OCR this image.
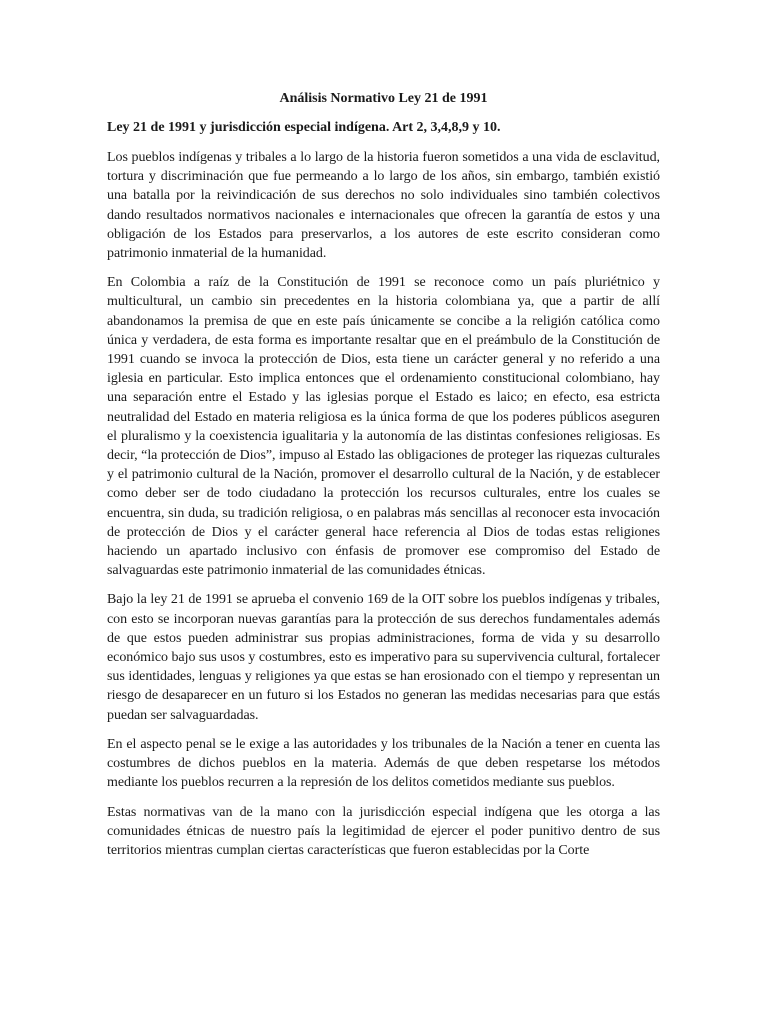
Análisis Normativo Ley 21 de 1991
Ley 21 de 1991 y jurisdicción especial indígena. Art 2, 3,4,8,9 y 10.

Los pueblos indígenas y tribales a lo largo de la historia fueron sometidos a una vida de esclavitud, tortura y discriminación que fue permeando a lo largo de los años, sin embargo, también existió una batalla por la reivindicación de sus derechos no solo individuales sino también colectivos dando resultados normativos nacionales e internacionales que ofrecen la garantía de estos y una obligación de los Estados para preservarlos, a los autores de este escrito consideran como patrimonio inmaterial de la humanidad.

En Colombia a raíz de la Constitución de 1991 se reconoce como un país pluriétnico y multicultural, un cambio sin precedentes en la historia colombiana ya, que a partir de allí abandonamos la premisa de que en este país únicamente se concibe a la religión católica como única y verdadera, de esta forma es importante resaltar que en el preámbulo de la Constitución de 1991 cuando se invoca la protección de Dios, esta tiene un carácter general y no referido a una iglesia en particular. Esto implica entonces que el ordenamiento constitucional colombiano, hay una separación entre el Estado y las iglesias porque el Estado es laico; en efecto, esa estricta neutralidad del Estado en materia religiosa es la única forma de que los poderes públicos aseguren el pluralismo y la coexistencia igualitaria y la autonomía de las distintas confesiones religiosas. Es decir, “la protección de Dios”, impuso al Estado las obligaciones de proteger las riquezas culturales y el patrimonio cultural de la Nación, promover el desarrollo cultural de la Nación, y de establecer como deber ser de todo ciudadano la protección los recursos culturales, entre los cuales se encuentra, sin duda, su tradición religiosa, o en palabras más sencillas al reconocer esta invocación de protección de Dios y el carácter general hace referencia al Dios de todas estas religiones haciendo un apartado inclusivo con énfasis de promover ese compromiso del Estado de salvaguardas este patrimonio inmaterial de las comunidades étnicas.

Bajo la ley 21 de 1991 se aprueba el convenio 169 de la OIT sobre los pueblos indígenas y tribales, con esto se incorporan nuevas garantías para la protección de sus derechos fundamentales además de que estos pueden administrar sus propias administraciones, forma de vida y su desarrollo económico bajo sus usos y costumbres, esto es imperativo para su supervivencia cultural, fortalecer sus identidades, lenguas y religiones ya que estas se han erosionado con el tiempo y representan un riesgo de desaparecer en un futuro si los Estados no generan las medidas necesarias para que estás puedan ser salvaguardadas.

En el aspecto penal se le exige a las autoridades y los tribunales de la Nación a tener en cuenta las costumbres de dichos pueblos en la materia. Además de que deben respetarse los métodos mediante los pueblos recurren a la represión de los delitos cometidos mediante sus pueblos.

Estas normativas van de la mano con la jurisdicción especial indígena que les otorga a las comunidades étnicas de nuestro país la legitimidad de ejercer el poder punitivo dentro de sus territorios mientras cumplan ciertas características que fueron establecidas por la Corte
